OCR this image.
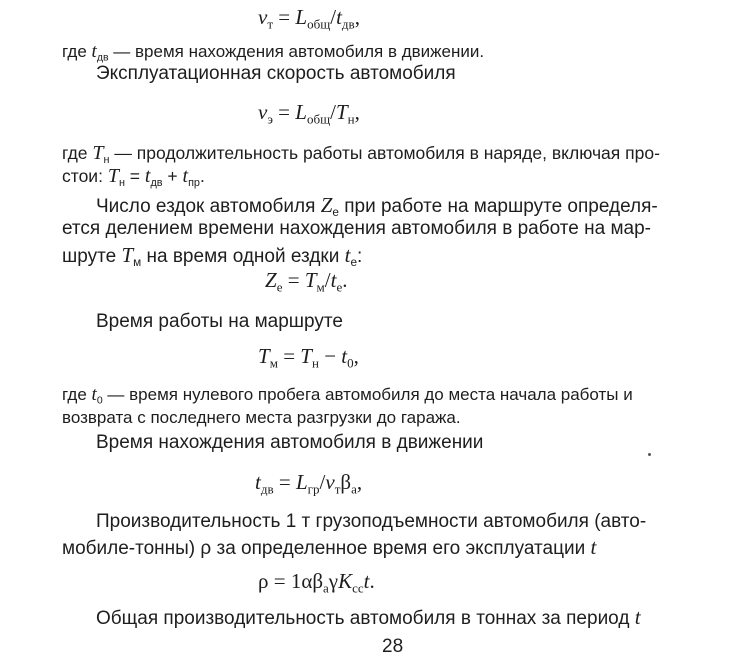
$v_т = L_{общ}/t_{дв}$,
где $t_{дв}$ — время нахождения автомобиля в движении.
Эксплуатационная скорость автомобиля
$v_э = L_{общ}/T_н$,
где $T_н$ — продолжительность работы автомобиля в наряде, включая про-
стои: $T_н = t_{дв} + t_{пр}$.
Число ездок автомобиля $Z_е$ при работе на маршруте определя-
ется делением времени нахождения автомобиля в работе на мар-
шруте $T_м$ на время одной ездки $t_е$:
$Z_е = T_м/t_е$.
Время работы на маршруте
$T_м = T_н - t_0$,
где $t_0$ — время нулевого пробега автомобиля до места начала работы и
возврата с последнего места разгрузки до гаража.
Время нахождения автомобиля в движении
$t_{дв} = L_{гр}/v_т\beta_а$,
Производительность 1 т грузоподъемности автомобиля (авто-
мобиле-тонны) ρ за определенное время его эксплуатации t
$\rho = 1\alpha\beta_а\gamma K_{сс}t$.
Общая производительность автомобиля в тоннах за период t
28
